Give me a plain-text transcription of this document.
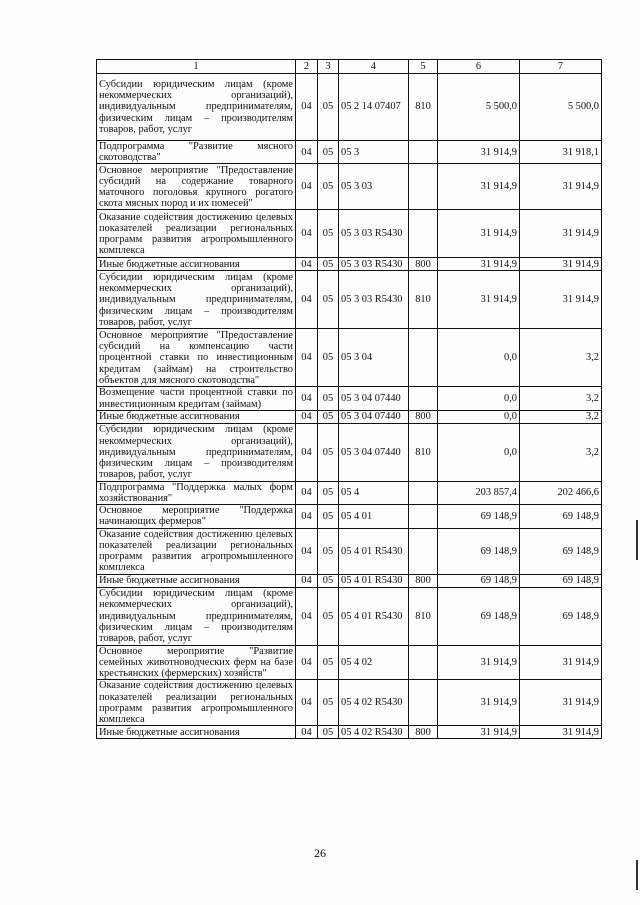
1	2	3	4	5	6	7
Субсидии юридическим лицам (кроме некоммерческих организаций), индивидуальным предпринимателям, физическим лицам – производителям товаров, работ, услуг	04	05	05 2 14 07407	810	5 500,0	5 500,0
Подпрограмма "Развитие мясного скотоводства"	04	05	05 3		31 914,9	31 918,1
Основное мероприятие "Предоставление субсидий на содержание товарного маточного поголовья крупного рогатого скота мясных пород и их помесей"	04	05	05 3 03		31 914,9	31 914,9
Оказание содействия достижению целевых показателей реализации региональных программ развития агропромышленного комплекса	04	05	05 3 03 R5430		31 914,9	31 914,9
Иные бюджетные ассигнования	04	05	05 3 03 R5430	800	31 914,9	31 914,9
Субсидии юридическим лицам (кроме некоммерческих организаций), индивидуальным предпринимателям, физическим лицам – производителям товаров, работ, услуг	04	05	05 3 03 R5430	810	31 914,9	31 914,9
Основное мероприятие "Предоставление субсидий на компенсацию части процентной ставки по инвестиционным кредитам (займам) на строительство объектов для мясного скотоводства"	04	05	05 3 04		0,0	3,2
Возмещение части процентной ставки по инвестиционным кредитам (займам)	04	05	05 3 04 07440		0,0	3,2
Иные бюджетные ассигнования	04	05	05 3 04 07440	800	0,0	3,2
Субсидии юридическим лицам (кроме некоммерческих организаций), индивидуальным предпринимателям, физическим лицам – производителям товаров, работ, услуг	04	05	05 3 04 07440	810	0,0	3,2
Подпрограмма "Поддержка малых форм хозяйствования"	04	05	05 4		203 857,4	202 466,6
Основное мероприятие "Поддержка начинающих фермеров"	04	05	05 4 01		69 148,9	69 148,9
Оказание содействия достижению целевых показателей реализации региональных программ развития агропромышленного комплекса	04	05	05 4 01 R5430		69 148,9	69 148,9
Иные бюджетные ассигнования	04	05	05 4 01 R5430	800	69 148,9	69 148,9
Субсидии юридическим лицам (кроме некоммерческих организаций), индивидуальным предпринимателям, физическим лицам – производителям товаров, работ, услуг	04	05	05 4 01 R5430	810	69 148,9	69 148,9
Основное мероприятие "Развитие семейных животноводческих ферм на базе крестьянских (фермерских) хозяйств"	04	05	05 4 02		31 914,9	31 914,9
Оказание содействия достижению целевых показателей реализации региональных программ развития агропромышленного комплекса	04	05	05 4 02 R5430		31 914,9	31 914,9
Иные бюджетные ассигнования	04	05	05 4 02 R5430	800	31 914,9	31 914,9
26
